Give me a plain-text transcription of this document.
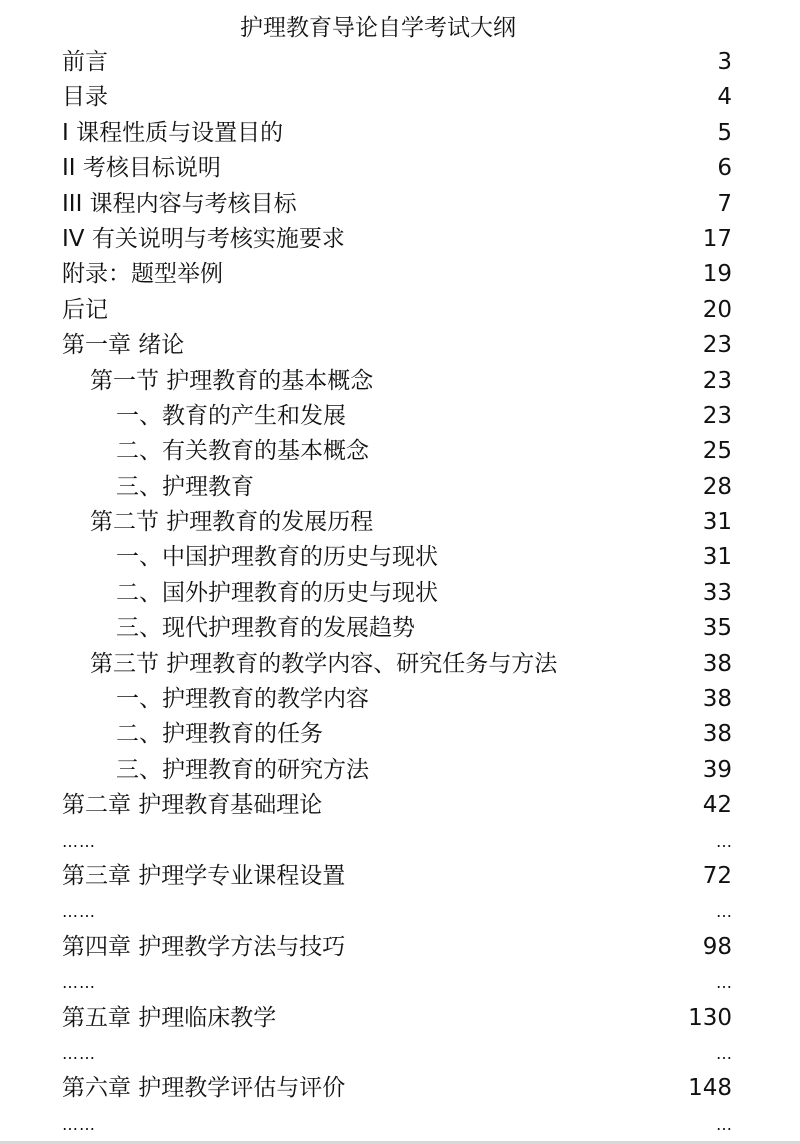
护理教育导论自学考试大纲
前言	3
目录	4
I 课程性质与设置目的	5
II 考核目标说明	6
III 课程内容与考核目标	7
IV 有关说明与考核实施要求	17
附录：题型举例	19
后记	20
第一章 绪论	23
第一节 护理教育的基本概念	23
一、教育的产生和发展	23
二、有关教育的基本概念	25
三、护理教育	28
第二节 护理教育的发展历程	31
一、中国护理教育的历史与现状	31
二、国外护理教育的历史与现状	33
三、现代护理教育的发展趋势	35
第三节 护理教育的教学内容、研究任务与方法	38
一、护理教育的教学内容	38
二、护理教育的任务	38
三、护理教育的研究方法	39
第二章 护理教育基础理论	42
……	…
第三章 护理学专业课程设置	72
……	…
第四章 护理教学方法与技巧	98
……	…
第五章 护理临床教学	130
……	…
第六章 护理教学评估与评价	148
……	…
